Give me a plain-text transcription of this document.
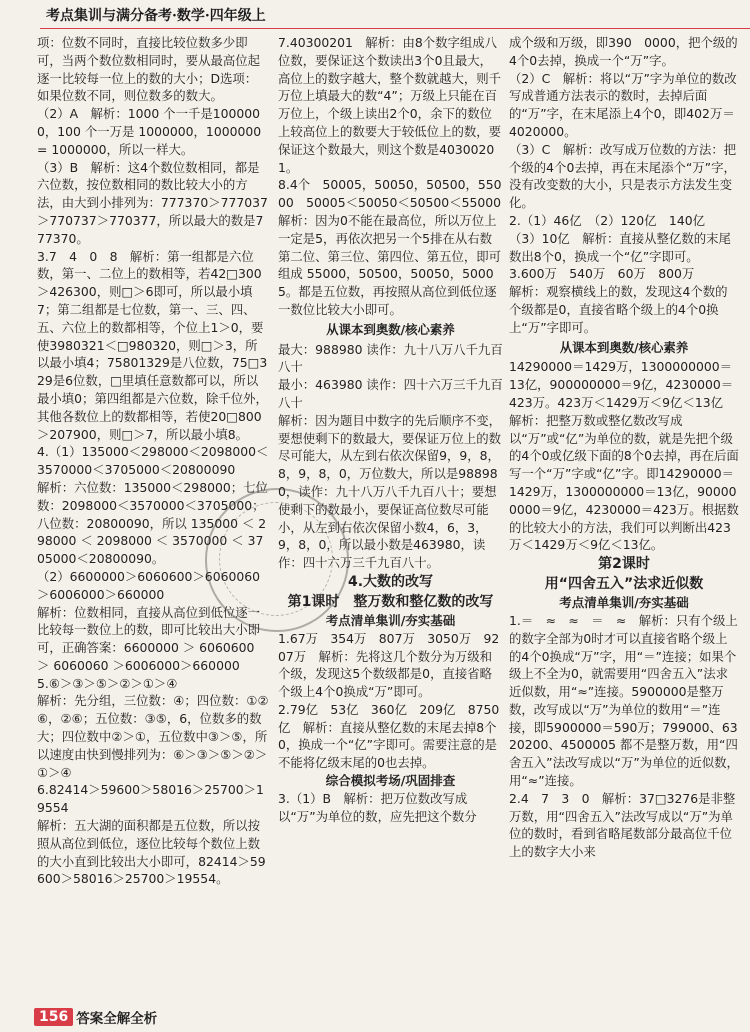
考点集训与满分备考·数学·四年级上

项：位数不同时，直接比较位数多少即可，当两个数位数相同时，要从最高位起逐一比较每一位上的数的大小；D选项：如果位数不同，则位数多的数大。

（2）A　解析：1000 个一千是1000000，100 个一万是 1000000，1000000 = 1000000，所以一样大。

（3）B　解析：这4个数位数相同，都是六位数，按位数相同的数比较大小的方法，由大到小排列为：777370＞777037＞770737＞770377，所以最大的数是777370。

3.7　4　0　8　解析：第一组都是六位数，第一、二位上的数相等，若42□300＞426300，则□＞6即可，所以最小填7；第二组都是七位数，第一、三、四、五、六位上的数都相等，个位上1＞0，要使3980321＜□980320，则□＞3，所以最小填4；75801329是八位数，75□329是6位数，□里填任意数都可以，所以最小填0；第四组都是六位数，除千位外，其他各数位上的数都相等，若使20□800＞207900，则□＞7，所以最小填8。

4.（1）135000＜298000＜2098000＜3570000＜3705000＜20800090

解析：六位数：135000＜298000；七位数：2098000＜3570000＜3705000；八位数：20800090，所以 135000 ＜ 298000 ＜ 2098000 ＜ 3570000 ＜ 3705000＜20800090。

（2）6600000＞6060600＞6060060＞6006000＞660000

解析：位数相同，直接从高位到低位逐一比较每一数位上的数，即可比较出大小即可，正确答案：6600000 ＞ 6060600 ＞ 6060060 ＞6006000＞660000

5.⑥＞③＞⑤＞②＞①＞④

解析：先分组，三位数：④；四位数：①②⑥，②⑥；五位数：③⑤，6，位数多的数大；四位数中②＞①，五位数中③＞⑤，所以速度由快到慢排列为：⑥＞③＞⑤＞②＞①＞④

6.82414＞59600＞58016＞25700＞19554

解析：五大湖的面积都是五位数，所以按照从高位到低位，逐位比较每个数位上数的大小直到比较出大小即可，82414＞59600＞58016＞25700＞19554。

7.40300201　解析：由8个数字组成八位数，要保证这个数读出3个0且最大，高位上的数字越大，整个数就越大，则千万位上填最大的数“4”；万级上只能在百万位上，个级上读出2个0，余下的数位上较高位上的数要大于较低位上的数，要保证这个数最大，则这个数是40300201。

8.4个　50005，50050，50500，55000　50005＜50050＜50500＜55000

解析：因为0不能在最高位，所以万位上一定是5，再依次把另一个5排在从右数第二位、第三位、第四位、第五位，即可组成 55000，50500，50050，50005。都是五位数，再按照从高位到低位逐一数位比较大小即可。

从课本到奥数/核心素养

最大：988980 读作：九十八万八千九百八十

最小：463980 读作：四十六万三千九百八十

解析：因为题目中数字的先后顺序不变，要想使剩下的数最大，要保证万位上的数尽可能大，从左到右依次保留9，9，8，8，9，8，0，万位数大，所以是988980，读作：九十八万八千九百八十；要想使剩下的数最小，要保证高位数尽可能小，从左到右依次保留小数4，6，3，9，8，0，所以最小数是463980，读作：四十六万三千九百八十。

4.大数的改写
第1课时　整万数和整亿数的改写
考点清单集训/夯实基础

1.67万　354万　807万　3050万　9207万　解析：先将这几个数分为万级和个级，发现这5个数级都是0，直接省略个级上4个0换成“万”即可。

2.79亿　53亿　360亿　209亿　8750亿　解析：直接从整亿数的末尾去掉8个0，换成一个“亿”字即可。需要注意的是不能将亿级末尾的0也去掉。

综合模拟考场/巩固排查

3.（1）B　解析：把万位数改写成以“万”为单位的数，应先把这个数分

成个级和万级，即390　0000，把个级的4个0去掉，换成一个“万”字。

（2）C　解析：将以“万”字为单位的数改写成普通方法表示的数时，去掉后面的“万”字，在末尾添上4个0，即402万＝4020000。

（3）C　解析：改写成万位数的方法：把个级的4个0去掉，再在末尾添个“万”字，没有改变数的大小，只是表示方法发生变化。

2.（1）46亿　（2）120亿　140亿

（3）10亿　解析：直接从整亿数的末尾数出8个0，换成一个“亿”字即可。

3.600万　540万　60万　800万

解析：观察横线上的数，发现这4个数的个级都是0，直接省略个级上的4个0换上“万”字即可。

从课本到奥数/核心素养

14290000＝1429万，1300000000＝13亿，900000000＝9亿，4230000＝423万。423万＜1429万＜9亿＜13亿

解析：把整万数或整亿数改写成以“万”或“亿”为单位的数，就是先把个级的4个0或亿级下面的8个0去掉，再在后面写一个“万”字或“亿”字。即14290000＝1429万，1300000000＝13亿，900000000＝9亿，4230000＝423万。根据数的比较大小的方法，我们可以判断出423万＜1429万＜9亿＜13亿。

第2课时
用“四舍五入”法求近似数
考点清单集训/夯实基础

1.＝　≈　≈　＝　≈　解析：只有个级上的数字全部为0时才可以直接省略个级上的4个0换成“万”字，用“＝”连接；如果个级上不全为0，就需要用“四舍五入”法求近似数，用“≈”连接。5900000是整万数，改写成以“万”为单位的数用“＝”连接，即5900000＝590万；799000、6320200、4500005 都不是整万数，用“四舍五入”法改写成以“万”为单位的近似数，用“≈”连接。

2.4　7　3　0　解析：37□3276是非整万数，用“四舍五入”法改写成以“万”为单位的数时，看到省略尾数部分最高位千位上的数字大小来

156 答案全解全析
